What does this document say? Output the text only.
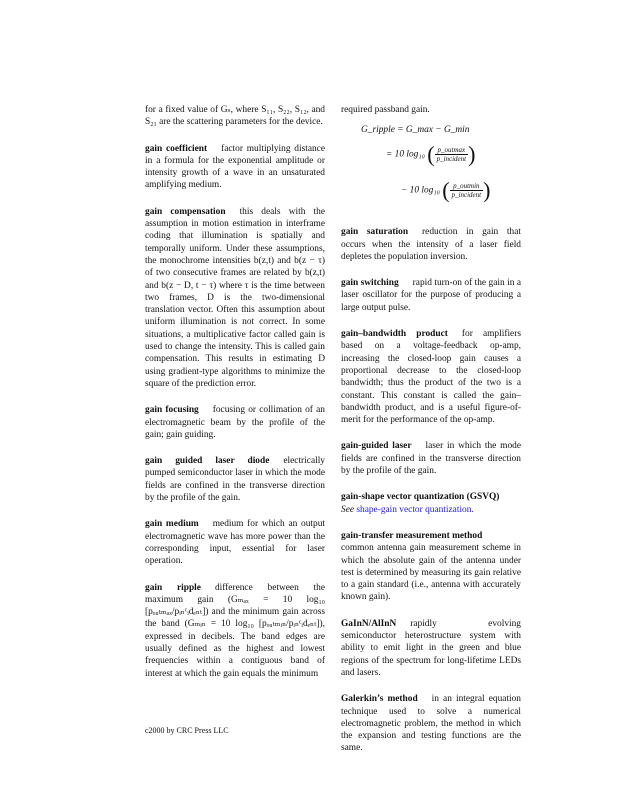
for a fixed value of Gₛ, where S₁₁, S₂₂, S₁₂, and S₂₁ are the scattering parameters for the device.

gain coefficient factor multiplying distance in a formula for the exponential amplitude or intensity growth of a wave in an unsaturated amplifying medium.

gain compensation this deals with the assumption in motion estimation in interframe coding that illumination is spatially and temporally uniform. Under these assumptions, the monochrome intensities b(z,t) and b(z − τ) of two consecutive frames are related by b(z,t) and b(z − D, t − τ) where τ is the time between two frames, D is the two-dimensional translation vector. Often this assumption about uniform illumination is not correct. In some situations, a multiplicative factor called gain is used to change the intensity. This is called gain compensation. This results in estimating D using gradient-type algorithms to minimize the square of the prediction error.

gain focusing focusing or collimation of an electromagnetic beam by the profile of the gain; gain guiding.

gain guided laser diode electrically pumped semiconductor laser in which the mode fields are confined in the transverse direction by the profile of the gain.

gain medium medium for which an output electromagnetic wave has more power than the corresponding input, essential for laser operation.

gain ripple difference between the maximum gain (Gₘₐₓ = 10 log₁₀ [pₒᵤₜₘₐₓ/pᵢₙᶜᵢdₑₙₜ]) and the minimum gain across the band (Gₘᵢₙ = 10 log₁₀ [pₒᵤₜₘᵢₙ/pᵢₙᶜᵢdₑₙₜ]), expressed in decibels. The band edges are usually defined as the highest and lowest frequencies within a contiguous band of interest at which the gain equals the minimum

required passband gain.

G_ripple = G_max − G_min
= 10 log₁₀ ( $\frac{\text{p\_outmax}}{\text{p\_incident}}$ )
− 10 log₁₀ ( $\frac{\text{p\_outmin}}{\text{p\_incident}}$ )

gain saturation reduction in gain that occurs when the intensity of a laser field depletes the population inversion.

gain switching rapid turn-on of the gain in a laser oscillator for the purpose of producing a large output pulse.

gain–bandwidth product for amplifiers based on a voltage-feedback op-amp, increasing the closed-loop gain causes a proportional decrease to the closed-loop bandwidth; thus the product of the two is a constant. This constant is called the gain–bandwidth product, and is a useful figure-of-merit for the performance of the op-amp.

gain-guided laser laser in which the mode fields are confined in the transverse direction by the profile of the gain.

gain-shape vector quantization (GSVQ)
See shape-gain vector quantization.

gain-transfer measurement method
common antenna gain measurement scheme in which the absolute gain of the antenna under test is determined by measuring its gain relative to a gain standard (i.e., antenna with accurately known gain).

GaInN/AlInN rapidly evolving semiconductor heterostructure system with ability to emit light in the green and blue regions of the spectrum for long-lifetime LEDs and lasers.

Galerkin’s method in an integral equation technique used to solve a numerical electromagnetic problem, the method in which the expansion and testing functions are the same.

c2000 by CRC Press LLC
